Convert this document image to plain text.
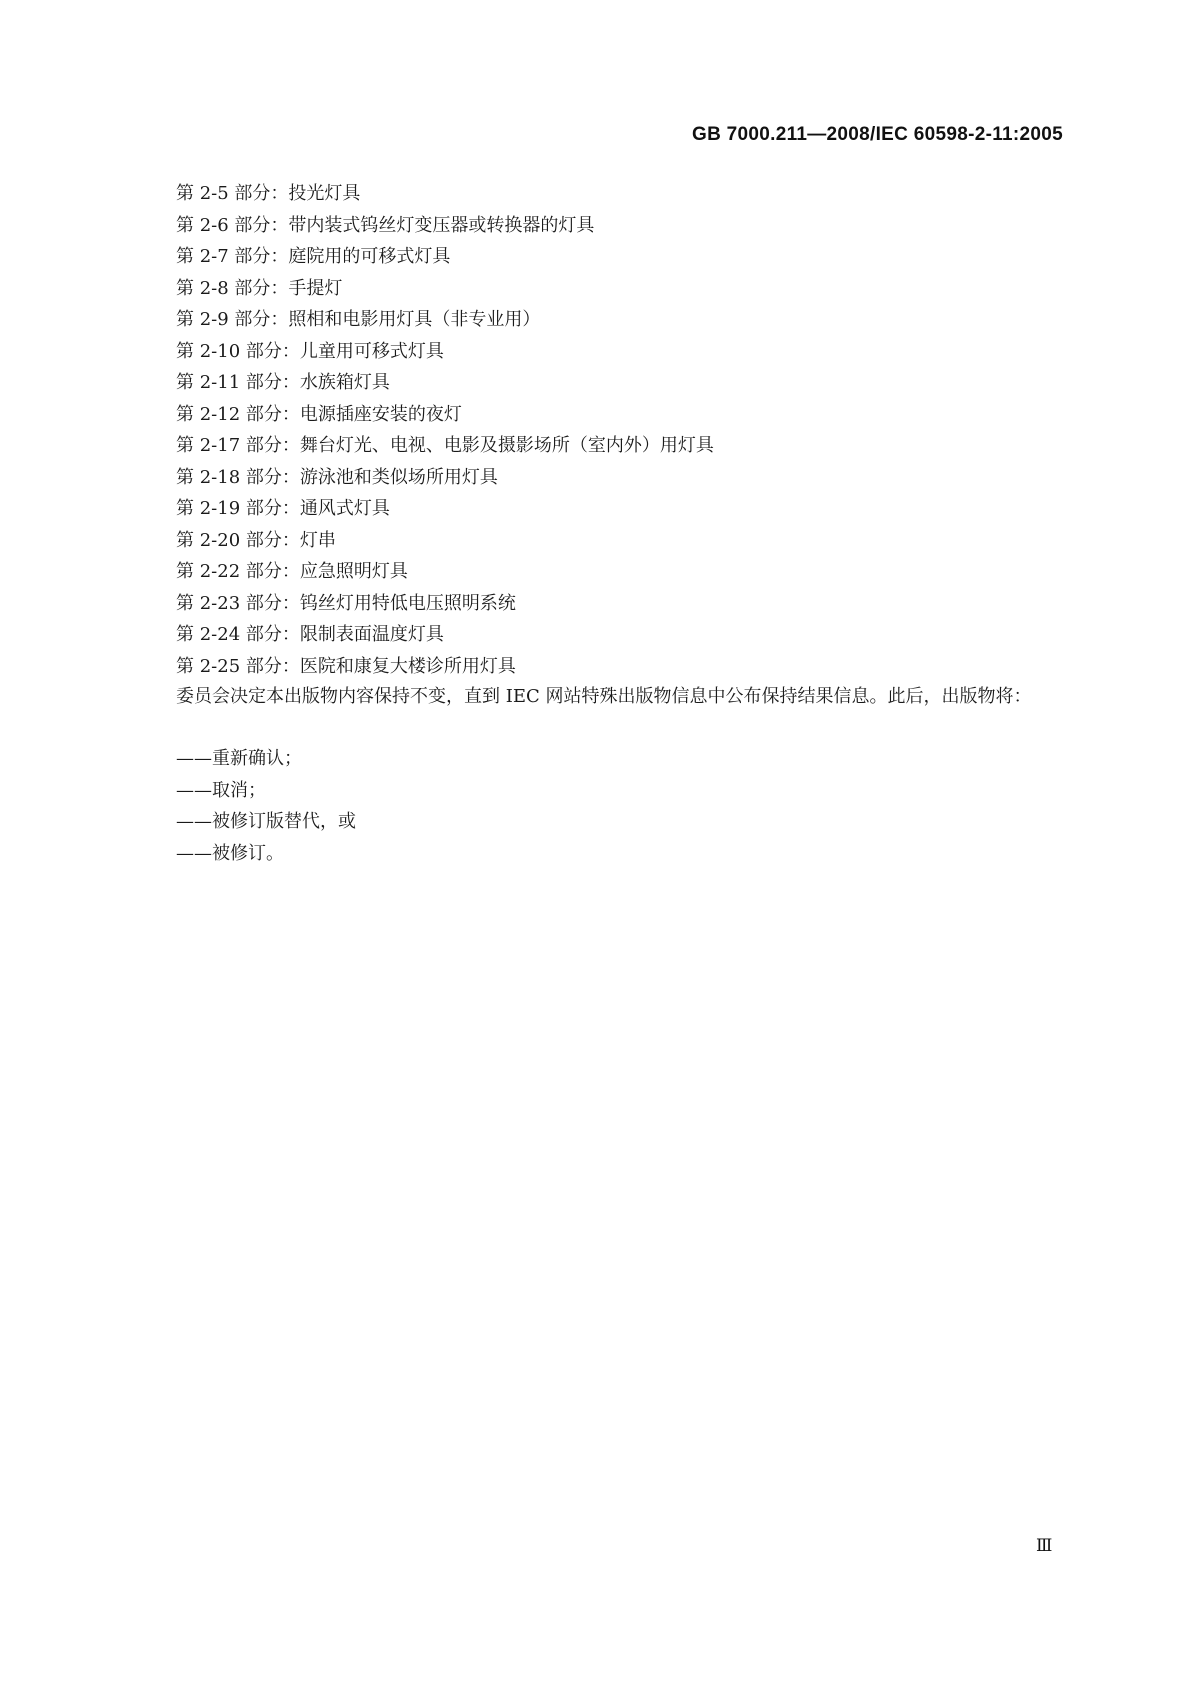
GB 7000.211—2008/IEC 60598-2-11:2005
第 2-5 部分：投光灯具
第 2-6 部分：带内装式钨丝灯变压器或转换器的灯具
第 2-7 部分：庭院用的可移式灯具
第 2-8 部分：手提灯
第 2-9 部分：照相和电影用灯具（非专业用）
第 2-10 部分：儿童用可移式灯具
第 2-11 部分：水族箱灯具
第 2-12 部分：电源插座安装的夜灯
第 2-17 部分：舞台灯光、电视、电影及摄影场所（室内外）用灯具
第 2-18 部分：游泳池和类似场所用灯具
第 2-19 部分：通风式灯具
第 2-20 部分：灯串
第 2-22 部分：应急照明灯具
第 2-23 部分：钨丝灯用特低电压照明系统
第 2-24 部分：限制表面温度灯具
第 2-25 部分：医院和康复大楼诊所用灯具

委员会决定本出版物内容保持不变，直到 IEC 网站特殊出版物信息中公布保持结果信息。此后，出版物将：

——重新确认；
——取消；
——被修订版替代，或
——被修订。
Ⅲ
